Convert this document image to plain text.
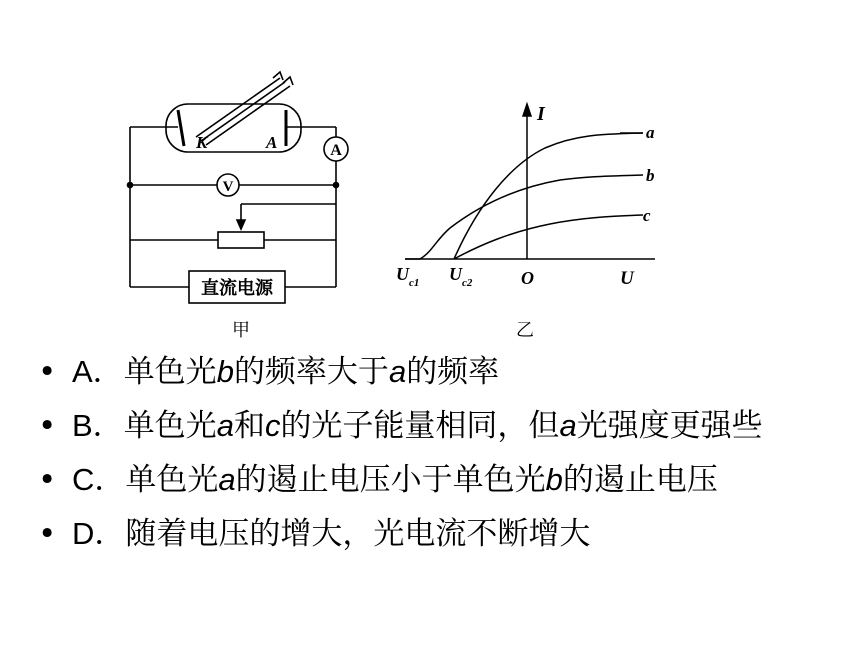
K	A	A
V
直流电源
甲
I
a
b
c
U
O
$U_{c1}$ $U_{c2}$
乙
• A．单色光b的频率大于a的频率
• B．单色光a和c的光子能量相同，但a光强度更强些
• C．单色光a的遏止电压小于单色光b的遏止电压
• D．随着电压的增大，光电流不断增大
